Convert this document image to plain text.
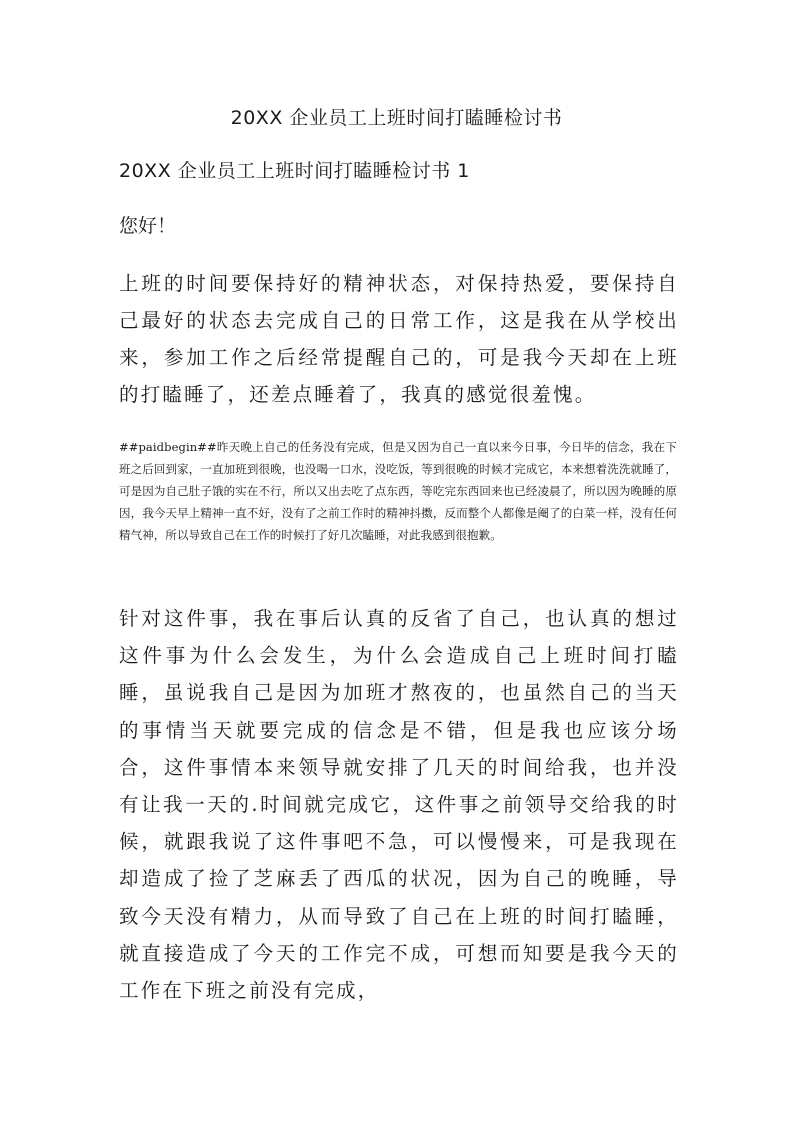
20XX 企业员工上班时间打瞌睡检讨书
20XX 企业员工上班时间打瞌睡检讨书 1
您好！
上班的时间要保持好的精神状态，对保持热爱，要保持自己最好的状态去完成自己的日常工作，这是我在从学校出来，参加工作之后经常提醒自己的，可是我今天却在上班的打瞌睡了，还差点睡着了，我真的感觉很羞愧。
##paidbegin##昨天晚上自己的任务没有完成，但是又因为自己一直以来今日事，今日毕的信念，我在下班之后回到家，一直加班到很晚，也没喝一口水，没吃饭，等到很晚的时候才完成它，本来想着洗洗就睡了，可是因为自己肚子饿的实在不行，所以又出去吃了点东西，等吃完东西回来也已经凌晨了，所以因为晚睡的原因，我今天早上精神一直不好，没有了之前工作时的精神抖擞，反而整个人都像是阉了的白菜一样，没有任何精气神，所以导致自己在工作的时候打了好几次瞌睡，对此我感到很抱歉。
针对这件事，我在事后认真的反省了自己，也认真的想过这件事为什么会发生，为什么会造成自己上班时间打瞌睡，虽说我自己是因为加班才熬夜的，也虽然自己的当天的事情当天就要完成的信念是不错，但是我也应该分场合，这件事情本来领导就安排了几天的时间给我，也并没有让我一天的.时间就完成它，这件事之前领导交给我的时候，就跟我说了这件事吧不急，可以慢慢来，可是我现在却造成了捡了芝麻丢了西瓜的状况，因为自己的晚睡，导致今天没有精力，从而导致了自己在上班的时间打瞌睡，就直接造成了今天的工作完不成，可想而知要是我今天的工作在下班之前没有完成，
